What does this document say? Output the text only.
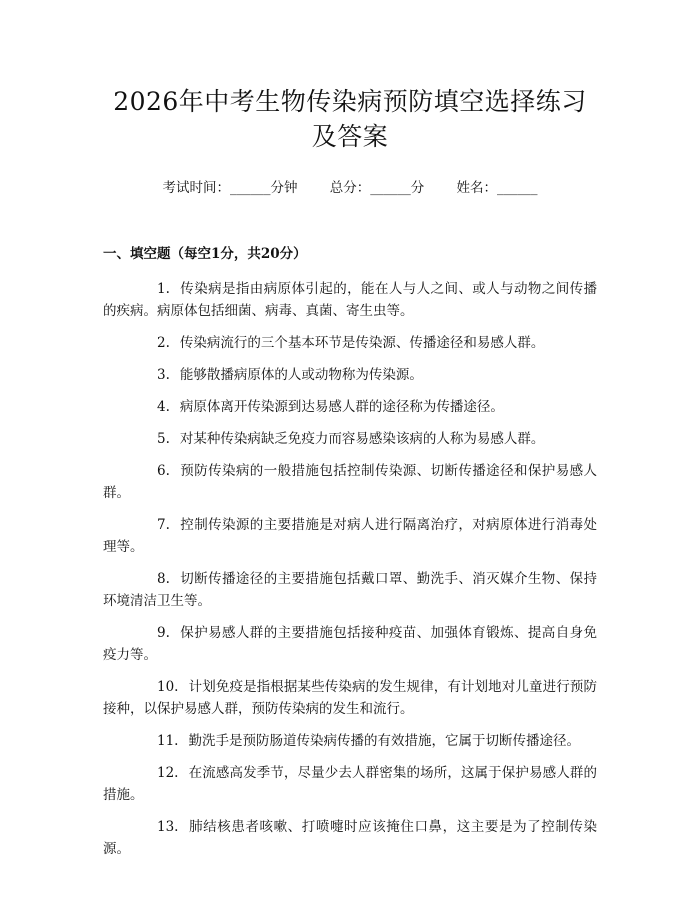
2026年中考生物传染病预防填空选择练习及答案
考试时间：______分钟 总分：______分 姓名：______
一、填空题（每空1分，共20分）
1. 传染病是指由病原体引起的，能在人与人之间、或人与动物之间传播的疾病。病原体包括细菌、病毒、真菌、寄生虫等。
2. 传染病流行的三个基本环节是传染源、传播途径和易感人群。
3. 能够散播病原体的人或动物称为传染源。
4. 病原体离开传染源到达易感人群的途径称为传播途径。
5. 对某种传染病缺乏免疫力而容易感染该病的人称为易感人群。
6. 预防传染病的一般措施包括控制传染源、切断传播途径和保护易感人群。
7. 控制传染源的主要措施是对病人进行隔离治疗，对病原体进行消毒处理等。
8. 切断传播途径的主要措施包括戴口罩、勤洗手、消灭媒介生物、保持环境清洁卫生等。
9. 保护易感人群的主要措施包括接种疫苗、加强体育锻炼、提高自身免疫力等。
10. 计划免疫是指根据某些传染病的发生规律，有计划地对儿童进行预防接种，以保护易感人群，预防传染病的发生和流行。
11. 勤洗手是预防肠道传染病传播的有效措施，它属于切断传播途径。
12. 在流感高发季节，尽量少去人群密集的场所，这属于保护易感人群的措施。
13. 肺结核患者咳嗽、打喷嚏时应该掩住口鼻，这主要是为了控制传染源。
